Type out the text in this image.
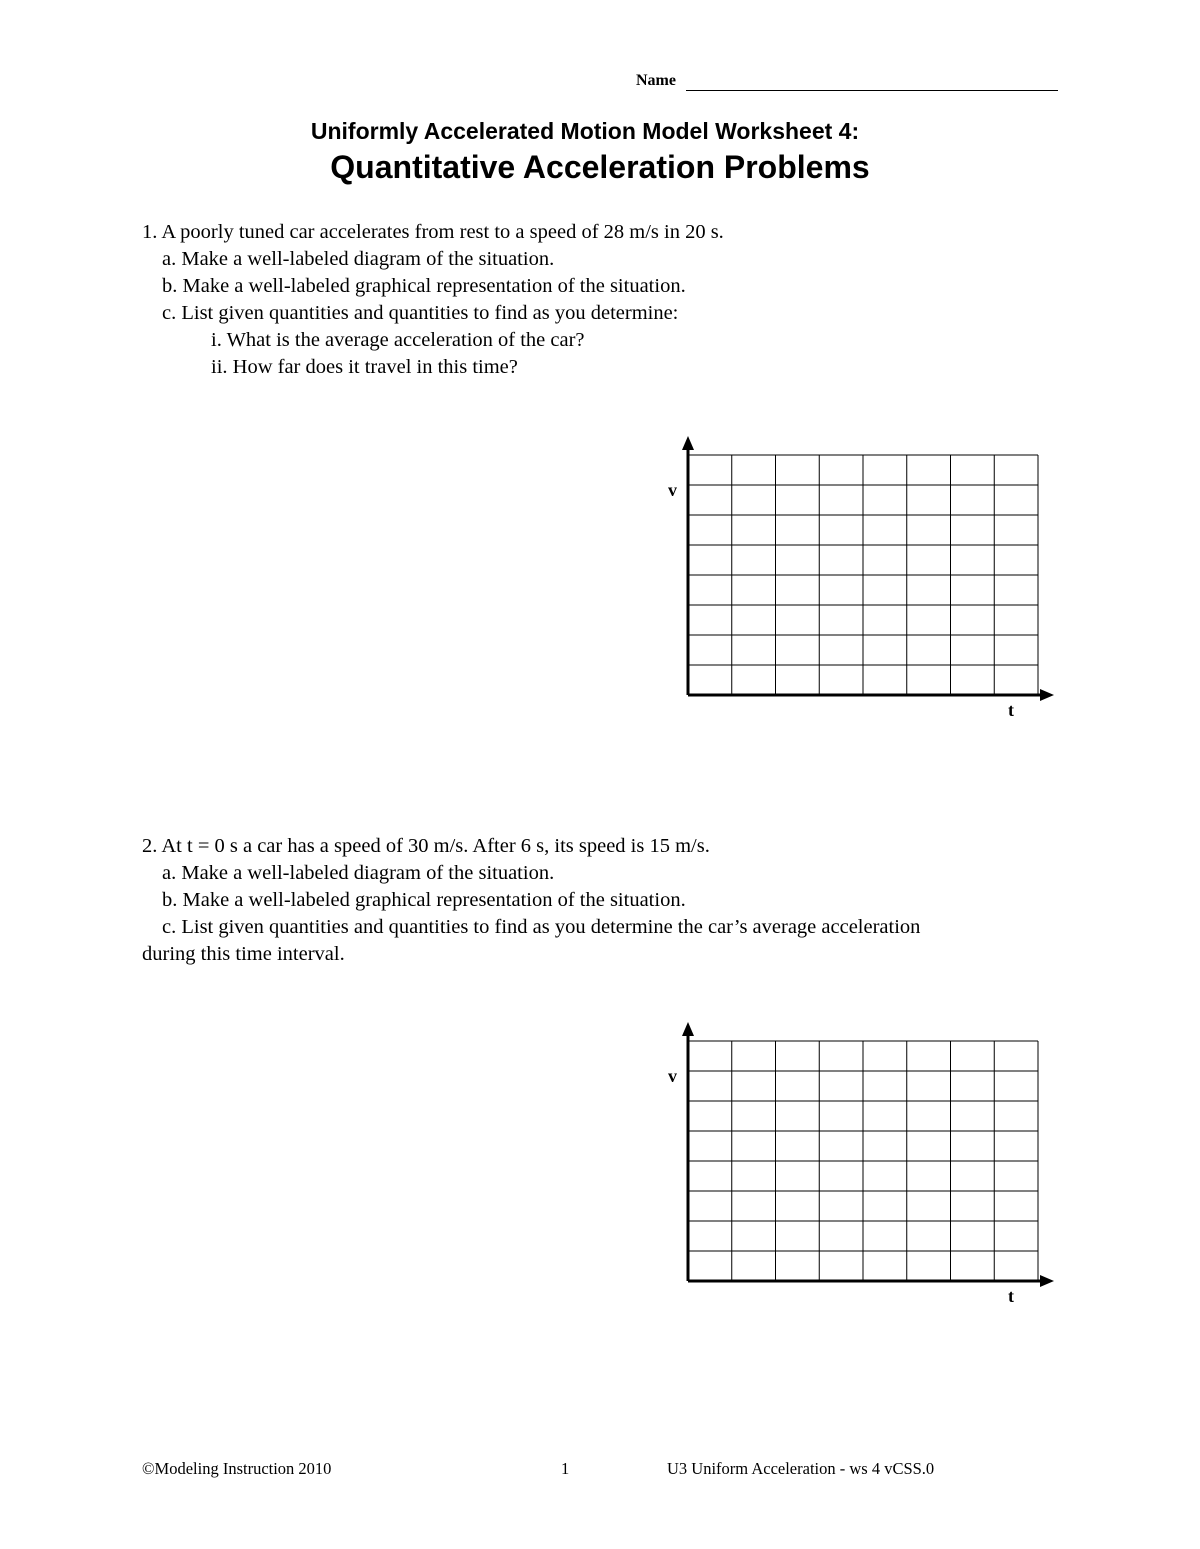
Name
Uniformly Accelerated Motion Model Worksheet 4:
Quantitative Acceleration Problems
1. A poorly tuned car accelerates from rest to a speed of 28 m/s in 20 s.
a. Make a well-labeled diagram of the situation.
b. Make a well-labeled graphical representation of the situation.
c. List given quantities and quantities to find as you determine:
i. What is the average acceleration of the car?
ii. How far does it travel in this time?
v
t
2. At t = 0 s a car has a speed of 30 m/s. After 6 s, its speed is 15 m/s.
a. Make a well-labeled diagram of the situation.
b. Make a well-labeled graphical representation of the situation.
c. List given quantities and quantities to find as you determine the car’s average acceleration
during this time interval.
v
t
©Modeling Instruction 2010	1	U3 Uniform Acceleration - ws 4 vCSS.0
